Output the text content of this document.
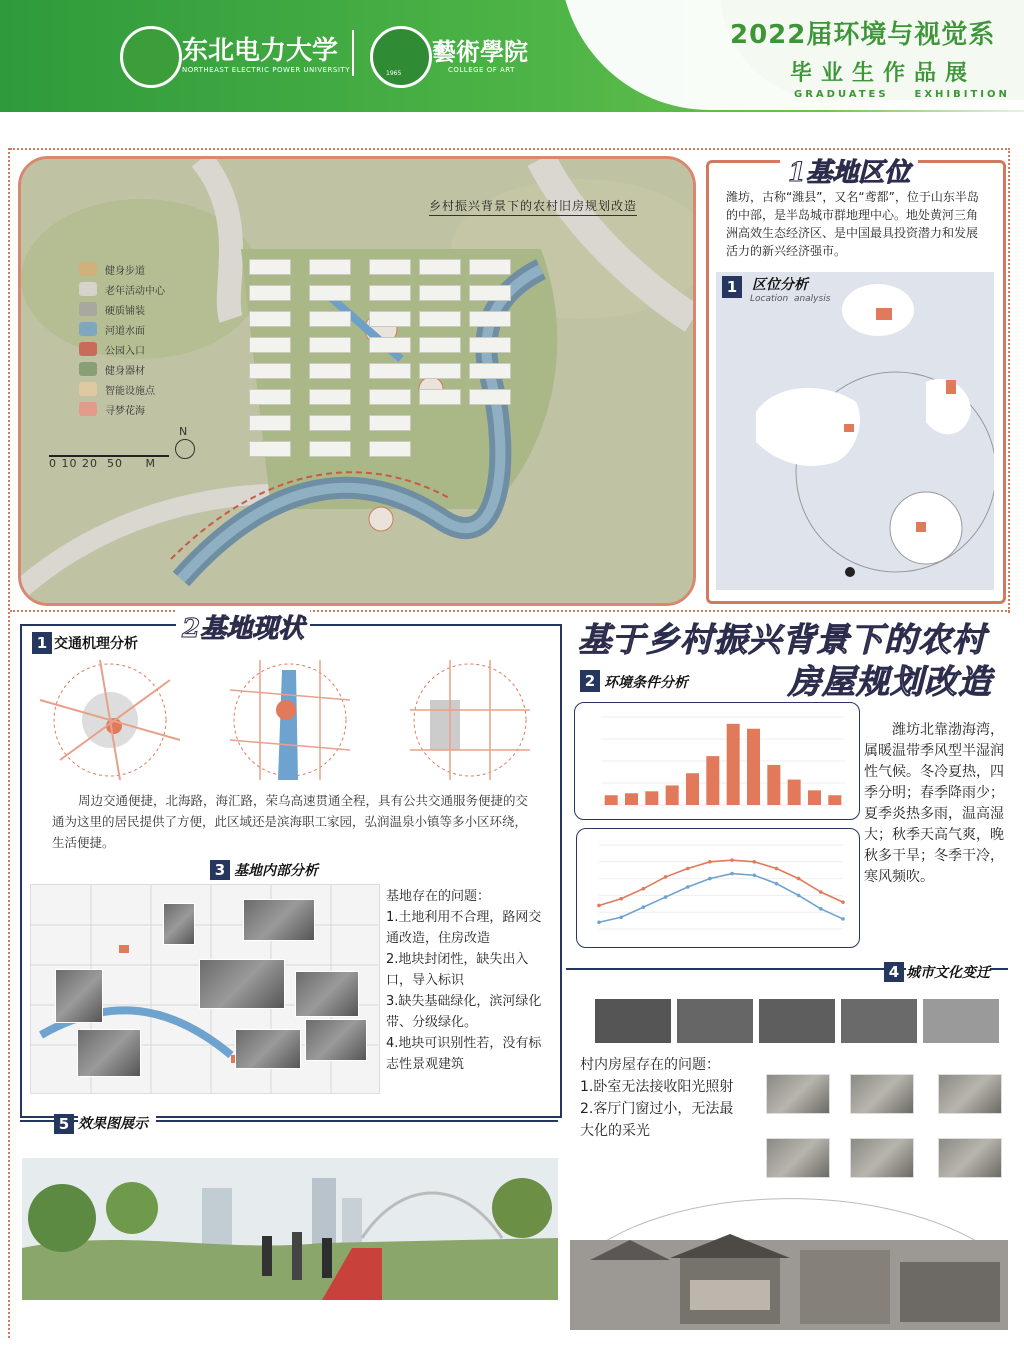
东北电力大学
NORTHEAST ELECTRIC POWER UNIVERSITY	1965
藝術學院
COLLEGE OF ART
2022届环境与视觉系
毕业生作品展
GRADUATES    EXHIBITION
乡村振兴背景下的农村旧房规划改造
健身步道
老年活动中心
硬质铺装
河道水面
公园入口
健身器材
智能设施点
寻梦花海
N
0 10 20  50     M
1基地区位
潍坊，古称“潍县”，又名“鸢都”，位于山东半岛的中部，是半岛城市群地理中心。地处黄河三角洲高效生态经济区、是中国最具投资潜力和发展活力的新兴经济强市。
1	区位分析
Location  analysis
2基地现状
1 交通机理分析
周边交通便捷，北海路，海汇路，荣乌高速贯通全程，具有公共交通服务便捷的交通为这里的居民提供了方便，此区域还是滨海职工家园，弘润温泉小镇等多小区环绕，生活便捷。
3 基地内部分析
基地存在的问题：
1.土地利用不合理，路网交通改造，住房改造
2.地块封闭性，缺失出入口，导入标识
3.缺失基础绿化，滨河绿化带、分级绿化。
4.地块可识别性若，没有标志性景观建筑
5 效果图展示
基于乡村振兴背景下的农村
房屋规划改造
2 环境条件分析
潍坊北靠渤海湾，属暖温带季风型半湿润性气候。冬冷夏热，四季分明；春季降雨少；夏季炎热多雨，温高湿大；秋季天高气爽，晚秋多干旱；冬季干冷，寒风频吹。
4 城市文化变迁
村内房屋存在的问题：
1.卧室无法接收阳光照射
2.客厅门窗过小，无法最大化的采光
